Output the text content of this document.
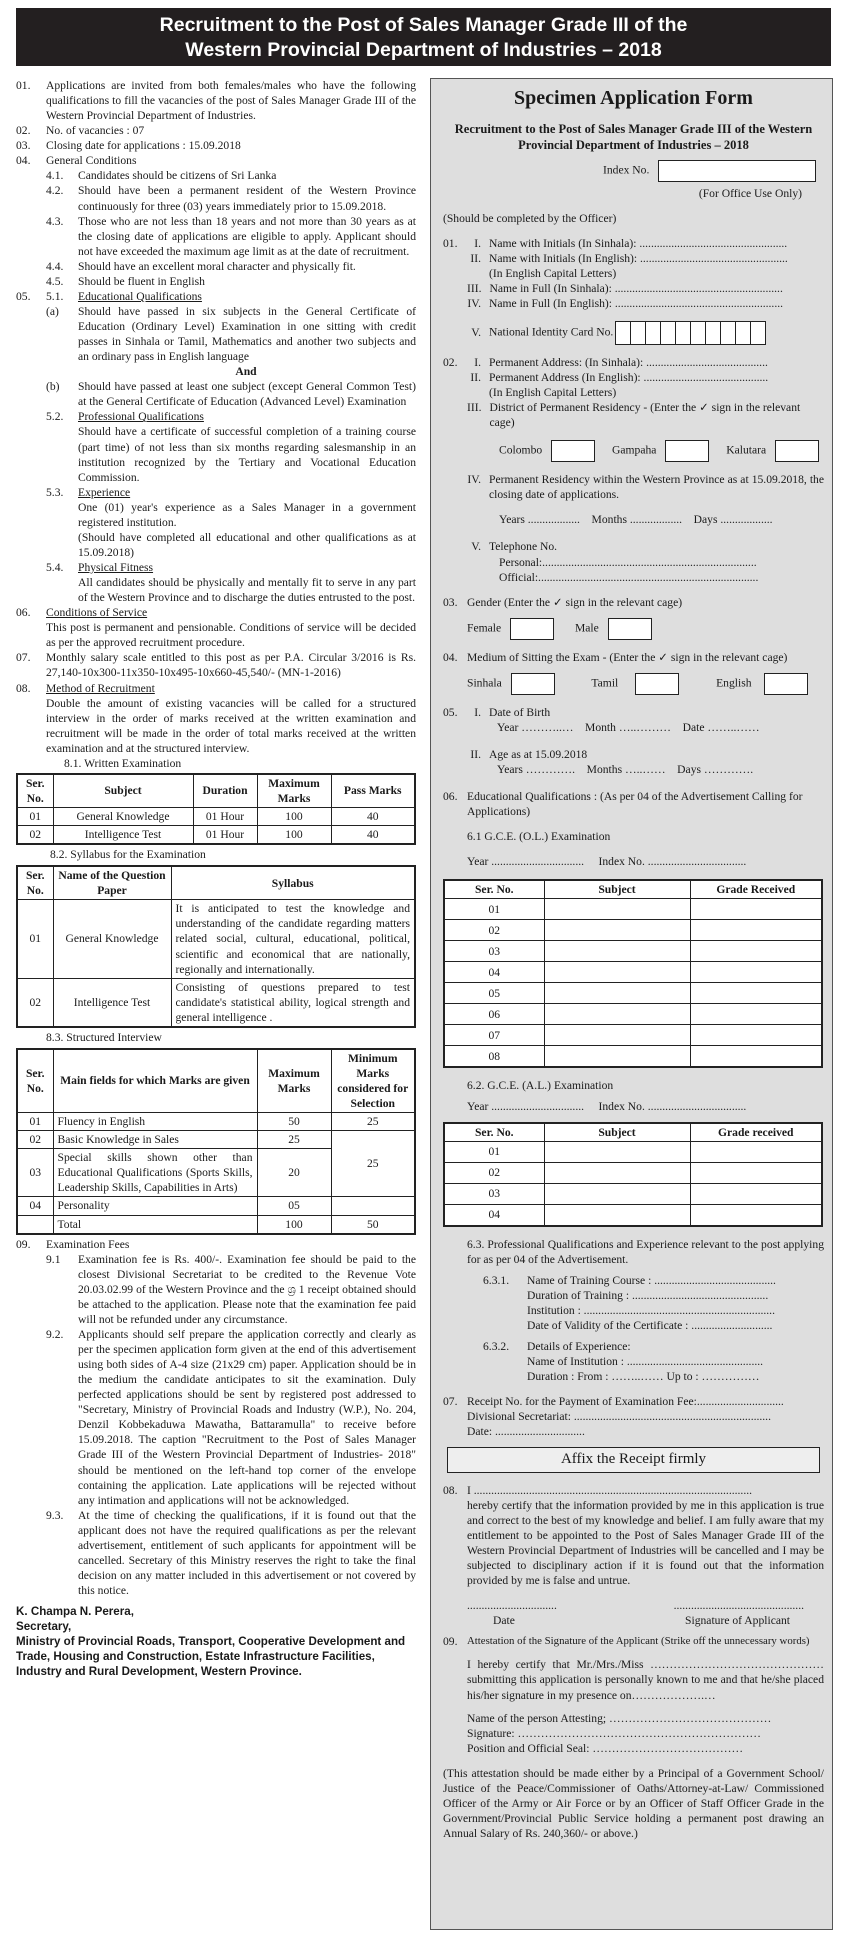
Recruitment to the Post of Sales Manager Grade III of the
Western Provincial Department of Industries – 2018
01.	Applications are invited from both females/males who have the following qualifications to fill the vacancies of the post of Sales Manager Grade III of the Western Provincial Department of Industries.
02.	No. of vacancies : 07
03.	Closing date for applications : 15.09.2018
04.	General Conditions
4.1.	Candidates should be citizens of Sri Lanka
4.2.	Should have been a permanent resident of the Western Province continuously for three (03) years immediately prior to 15.09.2018.
4.3.	Those who are not less than 18 years and not more than 30 years as at the closing date of applications are eligible to apply. Applicant should not have exceeded the maximum age limit as at the date of recruitment.
4.4.	Should have an excellent moral character and physically fit.
4.5.	Should be fluent in English
05.	5.1.	Educational Qualifications
(a)	Should have passed in six subjects in the General Certificate of Education (Ordinary Level) Examination in one sitting with credit passes in Sinhala or Tamil, Mathematics and another two subjects and an ordinary pass in English language
And
(b)	Should have passed at least one subject (except General Common Test) at the General Certificate of Education (Advanced Level) Examination
5.2.	Professional Qualifications
Should have a certificate of successful completion of a training course (part time) of not less than six months regarding salesmanship in an institution recognized by the Tertiary and Vocational Education Commission.
5.3.	Experience
One (01) year's experience as a Sales Manager in a government registered institution.
(Should have completed all educational and other qualifications as at 15.09.2018)
5.4.	Physical Fitness
All candidates should be physically and mentally fit to serve in any part of the Western Province and to discharge the duties entrusted to the post.
06.	Conditions of Service
This post is permanent and pensionable. Conditions of service will be decided as per the approved recruitment procedure.
07.	Monthly salary scale entitled to this post as per P.A. Circular 3/2016 is Rs. 27,140-10x300-11x350-10x495-10x660-45,540/- (MN-1-2016)
08.	Method of Recruitment
Double the amount of existing vacancies will be called for a structured interview in the order of marks received at the written examination and recruitment will be made in the order of total marks received at the written examination and at the structured interview.
8.1. Written Examination
Ser. No.	Subject	Duration	Maximum Marks	Pass Marks
01	General Knowledge	01 Hour	100	40
02	Intelligence Test	01 Hour	100	40
8.2. Syllabus for the Examination
Ser. No.	Name of the Question Paper	Syllabus
01	General Knowledge	It is anticipated to test the knowledge and understanding of the candidate regarding matters related social, cultural, educational, political, scientific and economical that are nationally, regionally and internationally.
02	Intelligence Test	Consisting of questions prepared to test candidate's statistical ability, logical strength and general intelligence .
8.3. Structured Interview
Ser. No.	Main fields for which Marks are given	Maximum Marks	Minimum Marks considered for Selection
01	Fluency in English	50	25
02	Basic Knowledge in Sales	25	25
03	Special skills shown other than Educational Qualifications (Sports Skills, Leadership Skills, Capabilities in Arts)	20	
04	Personality	05	
	Total	100	50
09.	Examination Fees
9.1	Examination fee is Rs. 400/-. Examination fee should be paid to the closest Divisional Secretariat to be credited to the Revenue Vote 20.03.02.99 of the Western Province and the ශ්‍ර 1 receipt obtained should be attached to the application. Please note that the examination fee paid will not be refunded under any circumstance.
9.2.	Applicants should self prepare the application correctly and clearly as per the specimen application form given at the end of this advertisement using both sides of A-4 size (21x29 cm) paper. Application should be in the medium the candidate anticipates to sit the examination. Duly perfected applications should be sent by registered post addressed to "Secretary, Ministry of Provincial Roads and Industry (W.P.), No. 204, Denzil Kobbekaduwa Mawatha, Battaramulla" to receive before 15.09.2018. The caption "Recruitment to the Post of Sales Manager Grade III of the Western Provincial Department of Industries- 2018" should be mentioned on the left-hand top corner of the envelope containing the application. Late applications will be rejected without any intimation and applications will not be acknowledged.
9.3.	At the time of checking the qualifications, if it is found out that the applicant does not have the required qualifications as per the relevant advertisement, entitlement of such applicants for appointment will be cancelled. Secretary of this Ministry reserves the right to take the final decision on any matter included in this advertisement or not covered by this notice.
K. Champa N. Perera,
Secretary,
Ministry of Provincial Roads, Transport, Cooperative Development and Trade, Housing and Construction, Estate Infrastructure Facilities, Industry and Rural Development, Western Province.
Specimen Application Form
Recruitment to the Post of Sales Manager Grade III of the Western Provincial Department of Industries – 2018
Index No.
(For Office Use Only)
(Should be completed by the Officer)
01.	I. Name with Initials (In Sinhala): ...................................................
II. Name with Initials (In English): ...................................................
(In English Capital Letters)
III. Name in Full (In Sinhala): ..........................................................
IV. Name in Full (In English): ..........................................................
V. National Identity Card No.
02.	I. Permanent Address: (In Sinhala): ..........................................
II. Permanent Address (In English): ...........................................
(In English Capital Letters)
III. District of Permanent Residency - (Enter the ✓ sign in the relevant cage)
Colombo	Gampaha	Kalutara
IV. Permanent Residency within the Western Province as at 15.09.2018, the closing date of applications.
Years .................. Months .................. Days ..................
V. Telephone No.
Personal:..........................................................................
Official:............................................................................
03. Gender (Enter the ✓ sign in the relevant cage)
Female	Male
04. Medium of Sitting the Exam - (Enter the ✓ sign in the relevant cage)
Sinhala	Tamil	English
05.	I. Date of Birth
Year ………..… Month …..……… Date ……..……
II. Age as at 15.09.2018
Years …………. Months …..…… Days ………….
06. Educational Qualifications : (As per 04 of the Advertisement Calling for Applications)
6.1 G.C.E. (O.L.) Examination
Year ................................ Index No. ..................................
Ser. No.	Subject	Grade Received
01		
02		
03		
04		
05		
06		
07		
08		
6.2. G.C.E. (A.L.) Examination
Year ................................ Index No. ..................................
Ser. No.	Subject	Grade received
01		
02		
03		
04		
6.3. Professional Qualifications and Experience relevant to the post applying for as per 04 of the Advertisement.
6.3.1.	Name of Training Course : ..........................................
Duration of Training : ...............................................
Institution : ..................................................................
Date of Validity of the Certificate : ............................
6.3.2.	Details of Experience:
Name of Institution : ...............................................
Duration : From : ……..…… Up to : ……………
07. Receipt No. for the Payment of Examination Fee:..............................
Divisional Secretariat: ....................................................................
Date: ...............................
Affix the Receipt firmly
08. I ................................................................................................
hereby certify that the information provided by me in this application is true and correct to the best of my knowledge and belief. I am fully aware that my entitlement to be appointed to the Post of Sales Manager Grade III of the Western Provincial Department of Industries will be cancelled and I may be subjected to disciplinary action if it is found out that the information provided by me is false and untrue.
...............................	.............................................
Date	Signature of Applicant
09. Attestation of the Signature of the Applicant (Strike off the unnecessary words)
I hereby certify that Mr./Mrs./Miss ……………………………………… submitting this application is personally known to me and that he/she placed his/her signature in my presence on……………….…
Name of the person Attesting; ……………………………………
Signature: ………………………………………………………
Position and Official Seal: …………………………………
(This attestation should be made either by a Principal of a Government School/ Justice of the Peace/Commissioner of Oaths/Attorney-at-Law/ Commissioned Officer of the Army or Air Force or by an Officer of Staff Officer Grade in the Government/Provincial Public Service holding a permanent post drawing an Annual Salary of Rs. 240,360/- or above.)
